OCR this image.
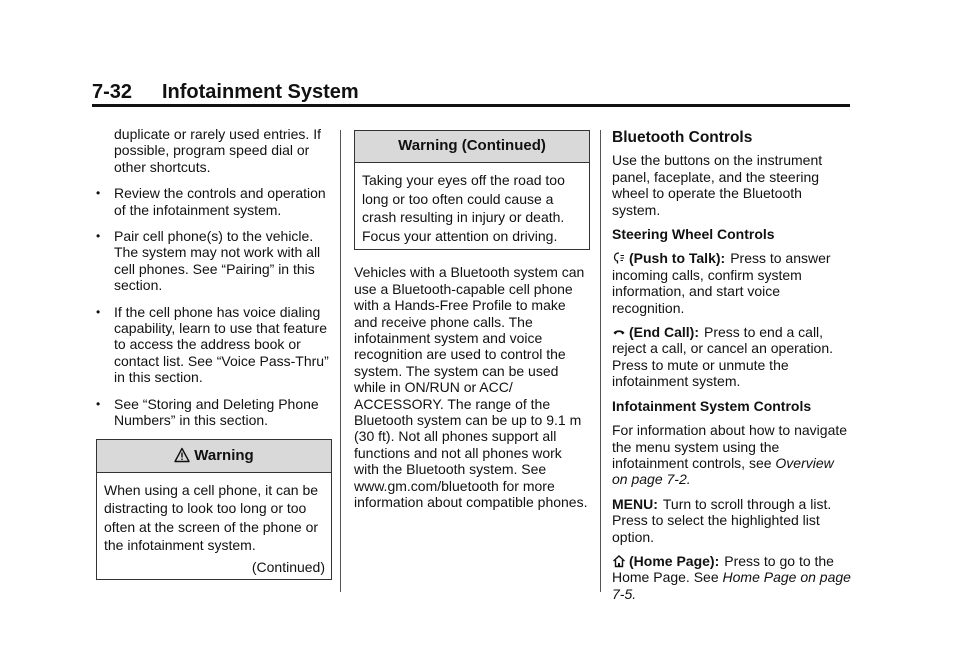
7-32 Infotainment System

duplicate or rarely used entries. If possible, program speed dial or other shortcuts.

• Review the controls and operation of the infotainment system.
• Pair cell phone(s) to the vehicle. The system may not work with all cell phones. See “Pairing” in this section.
• If the cell phone has voice dialing capability, learn to use that feature to access the address book or contact list. See “Voice Pass-Thru” in this section.
• See “Storing and Deleting Phone Numbers” in this section.
Warning

When using a cell phone, it can be distracting to look too long or too often at the screen of the phone or the infotainment system.

(Continued)

Warning (Continued)

Taking your eyes off the road too long or too often could cause a crash resulting in injury or death. Focus your attention on driving.

Vehicles with a Bluetooth system can use a Bluetooth-capable cell phone with a Hands-Free Profile to make and receive phone calls. The infotainment system and voice recognition are used to control the system. The system can be used while in ON/RUN or ACC/ ACCESSORY. The range of the Bluetooth system can be up to 9.1 m (30 ft). Not all phones support all functions and not all phones work with the Bluetooth system. See www.gm.com/bluetooth for more information about compatible phones.

Bluetooth Controls

Use the buttons on the instrument panel, faceplate, and the steering wheel to operate the Bluetooth system.

Steering Wheel Controls

(Push to Talk): Press to answer incoming calls, confirm system information, and start voice recognition.

(End Call): Press to end a call, reject a call, or cancel an operation. Press to mute or unmute the infotainment system.

Infotainment System Controls

For information about how to navigate the menu system using the infotainment controls, see Overview on page 7-2.

MENU: Turn to scroll through a list. Press to select the highlighted list option.

(Home Page): Press to go to the Home Page. See Home Page on page 7-5.
